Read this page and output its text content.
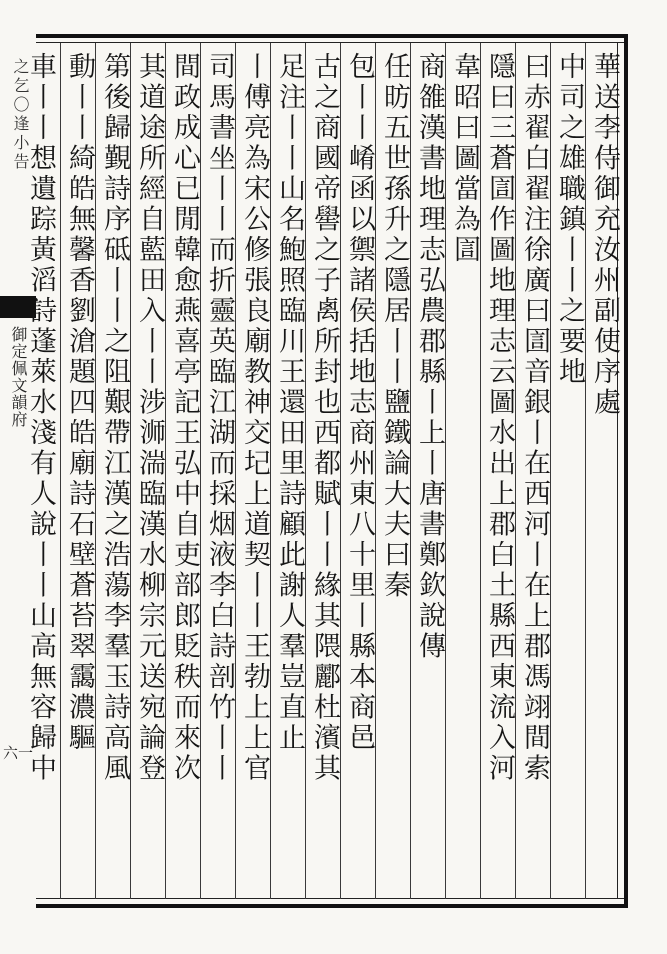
之乞〇逢小告
御定佩文韻府
六一
華送李侍御充汝州副使序處
中司之雄職鎮丨丨之要地
曰赤翟白翟注徐廣曰圁音銀丨在西河丨在上郡馮翊間索
隱曰三蒼圁作圖地理志云圖水出上郡白土縣西東流入河
韋昭曰圖當為圁
商雒漢書地理志弘農郡縣丨上丨唐書鄭欽說傳
任昉五世孫升之隱居丨丨鹽鐵論大夫曰秦
包丨丨崤函以禦諸侯括地志商州東八十里丨縣本商邑
古之商國帝嚳之子禼所封也西都賦丨丨緣其隈酈杜濱其
足注丨丨山名鮑照臨川王還田里詩顧此謝人羣豈直止
丨傅亮為宋公修張良廟教神交圮上道契丨丨王勃上上官
司馬書坐丨丨而折靈英臨江湖而採烟液李白詩剖竹丨丨
間政成心已閒韓愈燕喜亭記王弘中自吏部郎貶秩而來次
其道途所經自藍田入丨丨涉浉湍臨漢水柳宗元送宛論登
第後歸覲詩序砥丨丨之阻艱帶江漢之浩蕩李羣玉詩高風
動丨丨綺皓無馨香劉滄題四皓廟詩石壁蒼苔翠靄濃驅
車丨丨想遺踪黃滔詩蓬萊水淺有人說丨丨山高無容歸中
